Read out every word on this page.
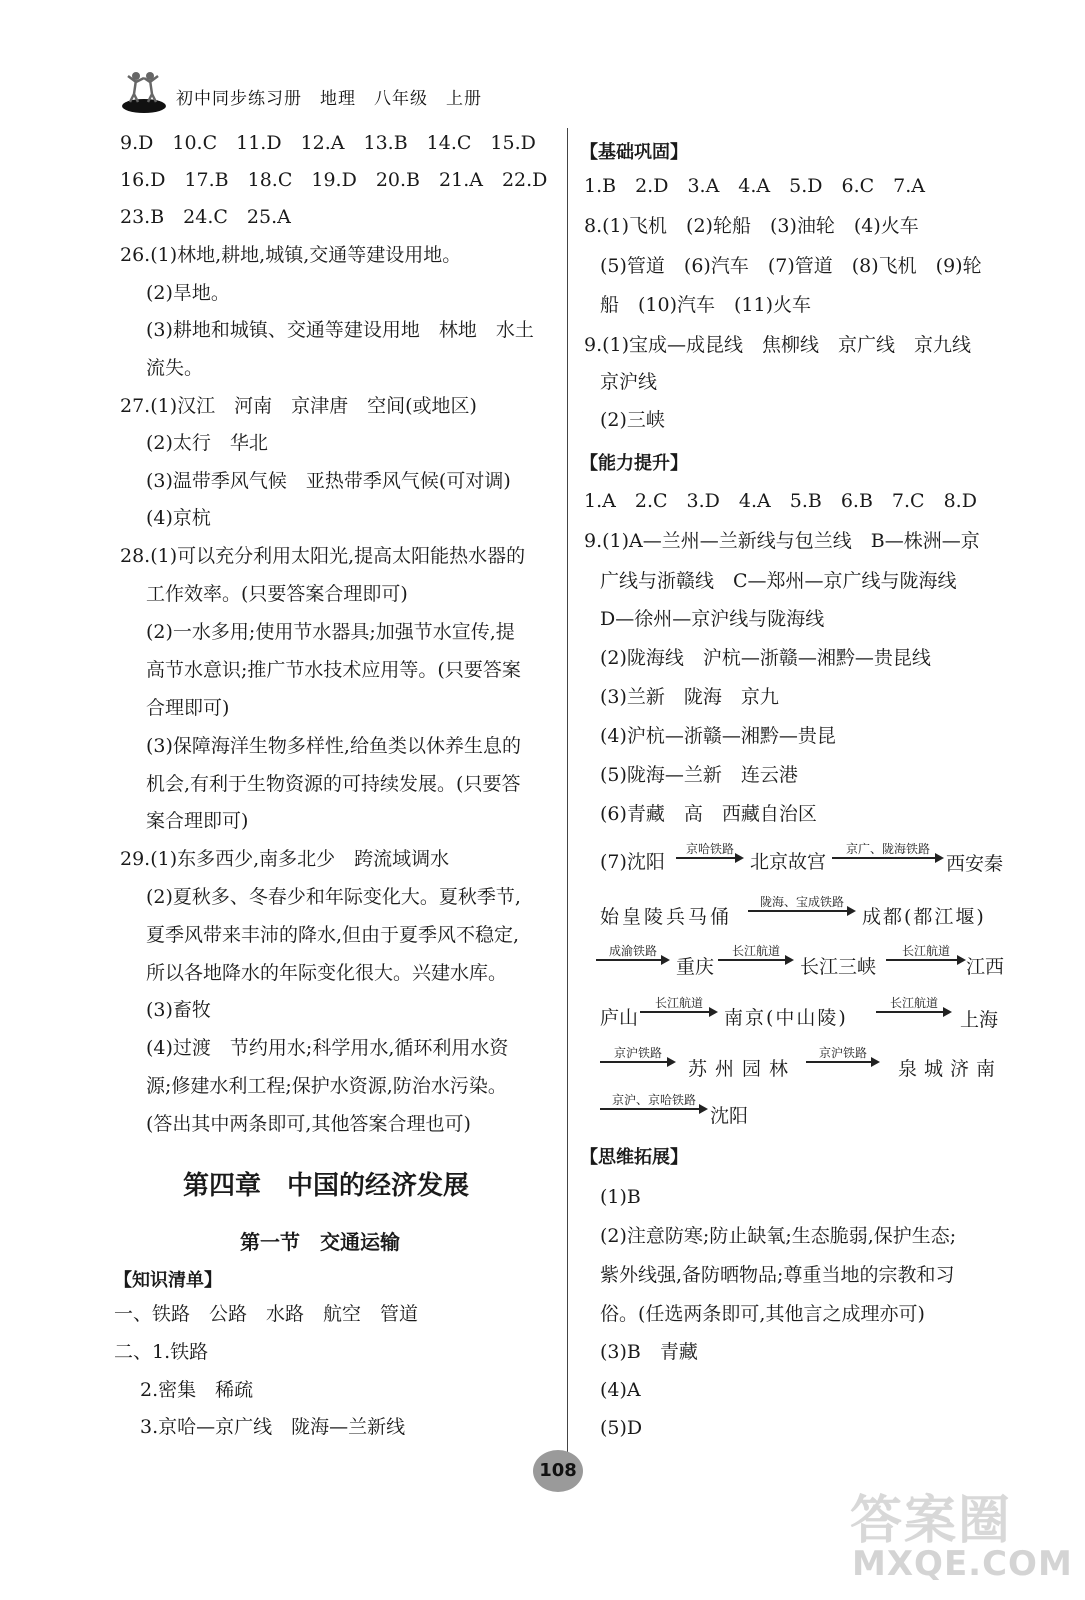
初中同步练习册　地理　八年级　上册
9.D　10.C　11.D　12.A　13.B　14.C　15.D
16.D　17.B　18.C　19.D　20.B　21.A　22.D
23.B　24.C　25.A
26.(1)林地,耕地,城镇,交通等建设用地。
(2)旱地。
(3)耕地和城镇、交通等建设用地　林地　水土
流失。
27.(1)汉江　河南　京津唐　空间(或地区)
(2)太行　华北
(3)温带季风气候　亚热带季风气候(可对调)
(4)京杭
28.(1)可以充分利用太阳光,提高太阳能热水器的
工作效率。(只要答案合理即可)
(2)一水多用;使用节水器具;加强节水宣传,提
高节水意识;推广节水技术应用等。(只要答案
合理即可)
(3)保障海洋生物多样性,给鱼类以休养生息的
机会,有利于生物资源的可持续发展。(只要答
案合理即可)
29.(1)东多西少,南多北少　跨流域调水
(2)夏秋多、冬春少和年际变化大。夏秋季节,
夏季风带来丰沛的降水,但由于夏季风不稳定,
所以各地降水的年际变化很大。兴建水库。
(3)畜牧
(4)过渡　节约用水;科学用水,循环利用水资
源;修建水利工程;保护水资源,防治水污染。
(答出其中两条即可,其他答案合理也可)
第四章　中国的经济发展
第一节　交通运输
【知识清单】
一、铁路　公路　水路　航空　管道
二、1.铁路
2.密集　稀疏
3.京哈—京广线　陇海—兰新线
【基础巩固】
1.B　2.D　3.A　4.A　5.D　6.C　7.A
8.(1)飞机　(2)轮船　(3)油轮　(4)火车
(5)管道　(6)汽车　(7)管道　(8)飞机　(9)轮
船　(10)汽车　(11)火车
9.(1)宝成—成昆线　焦柳线　京广线　京九线
京沪线
(2)三峡
【能力提升】
1.A　2.C　3.D　4.A　5.B　6.B　7.C　8.D
9.(1)A—兰州—兰新线与包兰线　B—株洲—京
广线与浙赣线　C—郑州—京广线与陇海线
D—徐州—京沪线与陇海线
(2)陇海线　沪杭—浙赣—湘黔—贵昆线
(3)兰新　陇海　京九
(4)沪杭—浙赣—湘黔—贵昆
(5)陇海—兰新　连云港
(6)青藏　高　西藏自治区
(7)沈阳
京哈铁路
北京故宫
京广、陇海铁路
西安秦
始皇陵兵马俑
陇海、宝成铁路
成都(都江堰)
成渝铁路
重庆
长江航道
长江三峡
长江航道
江西
庐山
长江航道
南京(中山陵)
长江航道
上海
京沪铁路
苏州园林
京沪铁路
泉城济南
京沪、京哈铁路
沈阳
【思维拓展】
(1)B
(2)注意防寒;防止缺氧;生态脆弱,保护生态;
紫外线强,备防晒物品;尊重当地的宗教和习
俗。(任选两条即可,其他言之成理亦可)
(3)B　青藏
(4)A
(5)D
108
答案圈
MXQE.COM
